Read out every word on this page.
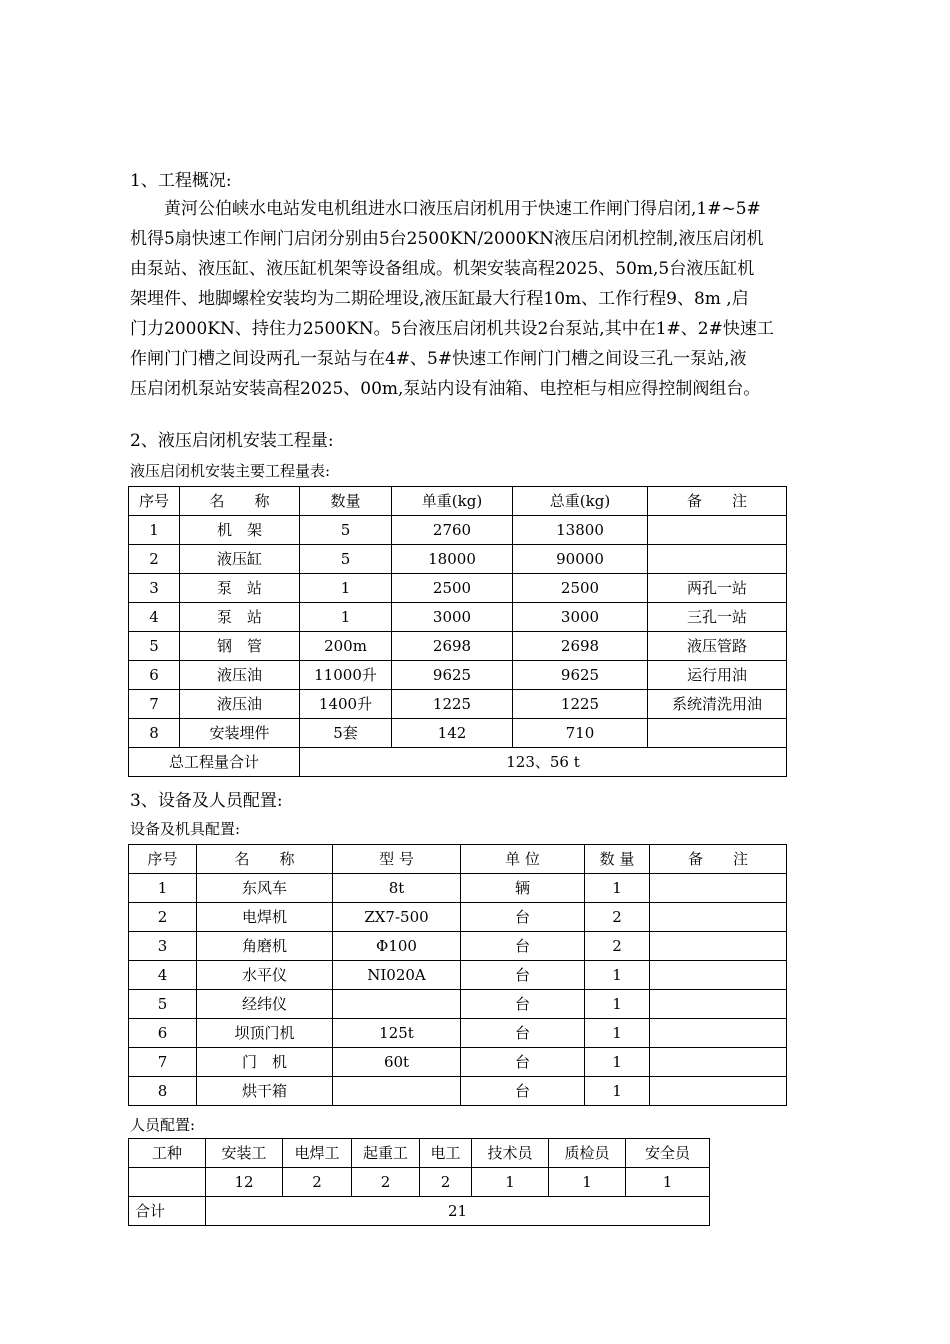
1、工程概况:
　　黄河公伯峡水电站发电机组进水口液压启闭机用于快速工作闸门得启闭,1#~5#
机得5扇快速工作闸门启闭分别由5台2500KN/2000KN液压启闭机控制,液压启闭机
由泵站、液压缸、液压缸机架等设备组成。机架安装高程2025、50m,5台液压缸机
架埋件、地脚螺栓安装均为二期砼埋设,液压缸最大行程10m、工作行程9、8m ,启
门力2000KN、持住力2500KN。5台液压启闭机共设2台泵站,其中在1#、2#快速工
作闸门门槽之间设两孔一泵站与在4#、5#快速工作闸门门槽之间设三孔一泵站,液
压启闭机泵站安装高程2025、00m,泵站内设有油箱、电控柜与相应得控制阀组台。
2、液压启闭机安装工程量:
液压启闭机安装主要工程量表:
序号	名　　称	数量	单重(kg)	总重(kg)	备　　注
1	机　架	5	2760	13800	
2	液压缸	5	18000	90000	
3	泵　站	1	2500	2500	两孔一站
4	泵　站	1	3000	3000	三孔一站
5	钢　管	200m	2698	2698	液压管路
6	液压油	11000升	9625	9625	运行用油
7	液压油	1400升	1225	1225	系统清洗用油
8	安装埋件	5套	142	710	
总工程量合计		123、56 t			
3、设备及人员配置:
设备及机具配置:
序号	名　　称	型 号	单 位	数 量	备　　注
1	东风车	8t	辆	1	
2	电焊机	ZX7-500	台	2	
3	角磨机	Φ100	台	2	
4	水平仪	NI020A	台	1	
5	经纬仪		台	1	
6	坝顶门机	125t	台	1	
7	门　机	60t	台	1	
8	烘干箱		台	1	
人员配置:
工种	安装工	电焊工	起重工	电工	技术员	质检员	安全员
	12	2	2	2	1	1	1
合计	21						
